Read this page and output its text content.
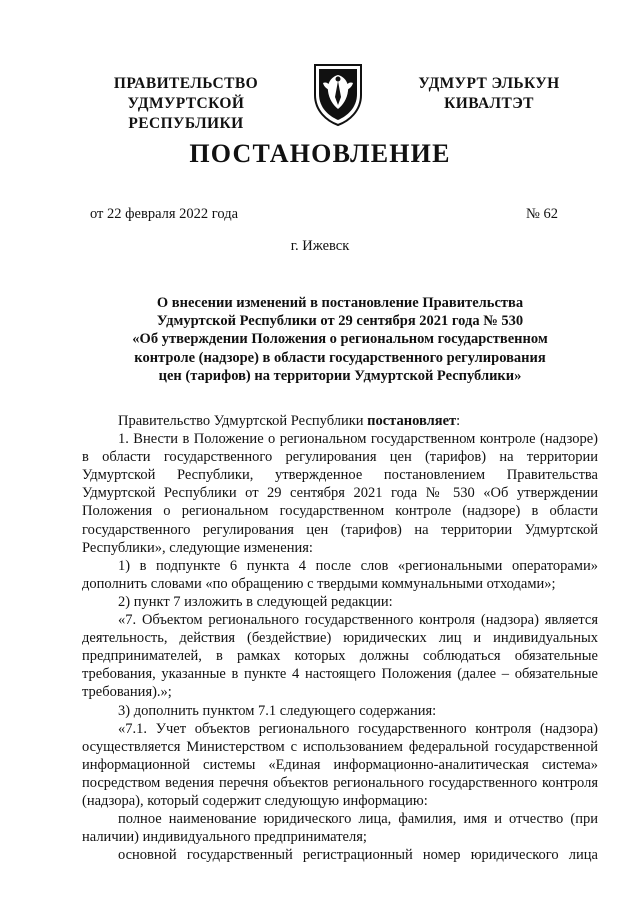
ПРАВИТЕЛЬСТВО
УДМУРТСКОЙ РЕСПУБЛИКИ
УДМУРТ ЭЛЬКУН
КИВАЛТЭТ
ПОСТАНОВЛЕНИЕ
от 22 февраля 2022 года	№ 62
г. Ижевск
О внесении изменений в постановление Правительства
Удмуртской Республики от 29 сентября 2021 года № 530
«Об утверждении Положения о региональном государственном
контроле (надзоре) в области государственного регулирования
цен (тарифов) на территории Удмуртской Республики»
Правительство Удмуртской Республики постановляет:
1. Внести в Положение о региональном государственном контроле (надзоре) в области государственного регулирования цен (тарифов) на территории Удмуртской Республики, утвержденное постановлением Правительства Удмуртской Республики от 29 сентября 2021 года № 530 «Об утверждении Положения о региональном государственном контроле (надзоре) в области государственного регулирования цен (тарифов) на территории Удмуртской Республики», следующие изменения:
1) в подпункте 6 пункта 4 после слов «региональными операторами» дополнить словами «по обращению с твердыми коммунальными отходами»;
2) пункт 7 изложить в следующей редакции:
«7. Объектом регионального государственного контроля (надзора) является деятельность, действия (бездействие) юридических лиц и индивидуальных предпринимателей, в рамках которых должны соблюдаться обязательные требования, указанные в пункте 4 настоящего Положения (далее – обязательные требования).»;
3) дополнить пунктом 7.1 следующего содержания:
«7.1. Учет объектов регионального государственного контроля (надзора) осуществляется Министерством с использованием федеральной государственной информационной системы «Единая информационно-аналитическая система» посредством ведения перечня объектов регионального государственного контроля (надзора), который содержит следующую информацию:
полное наименование юридического лица, фамилия, имя и отчество (при наличии) индивидуального предпринимателя;
основной государственный регистрационный номер юридического лица
